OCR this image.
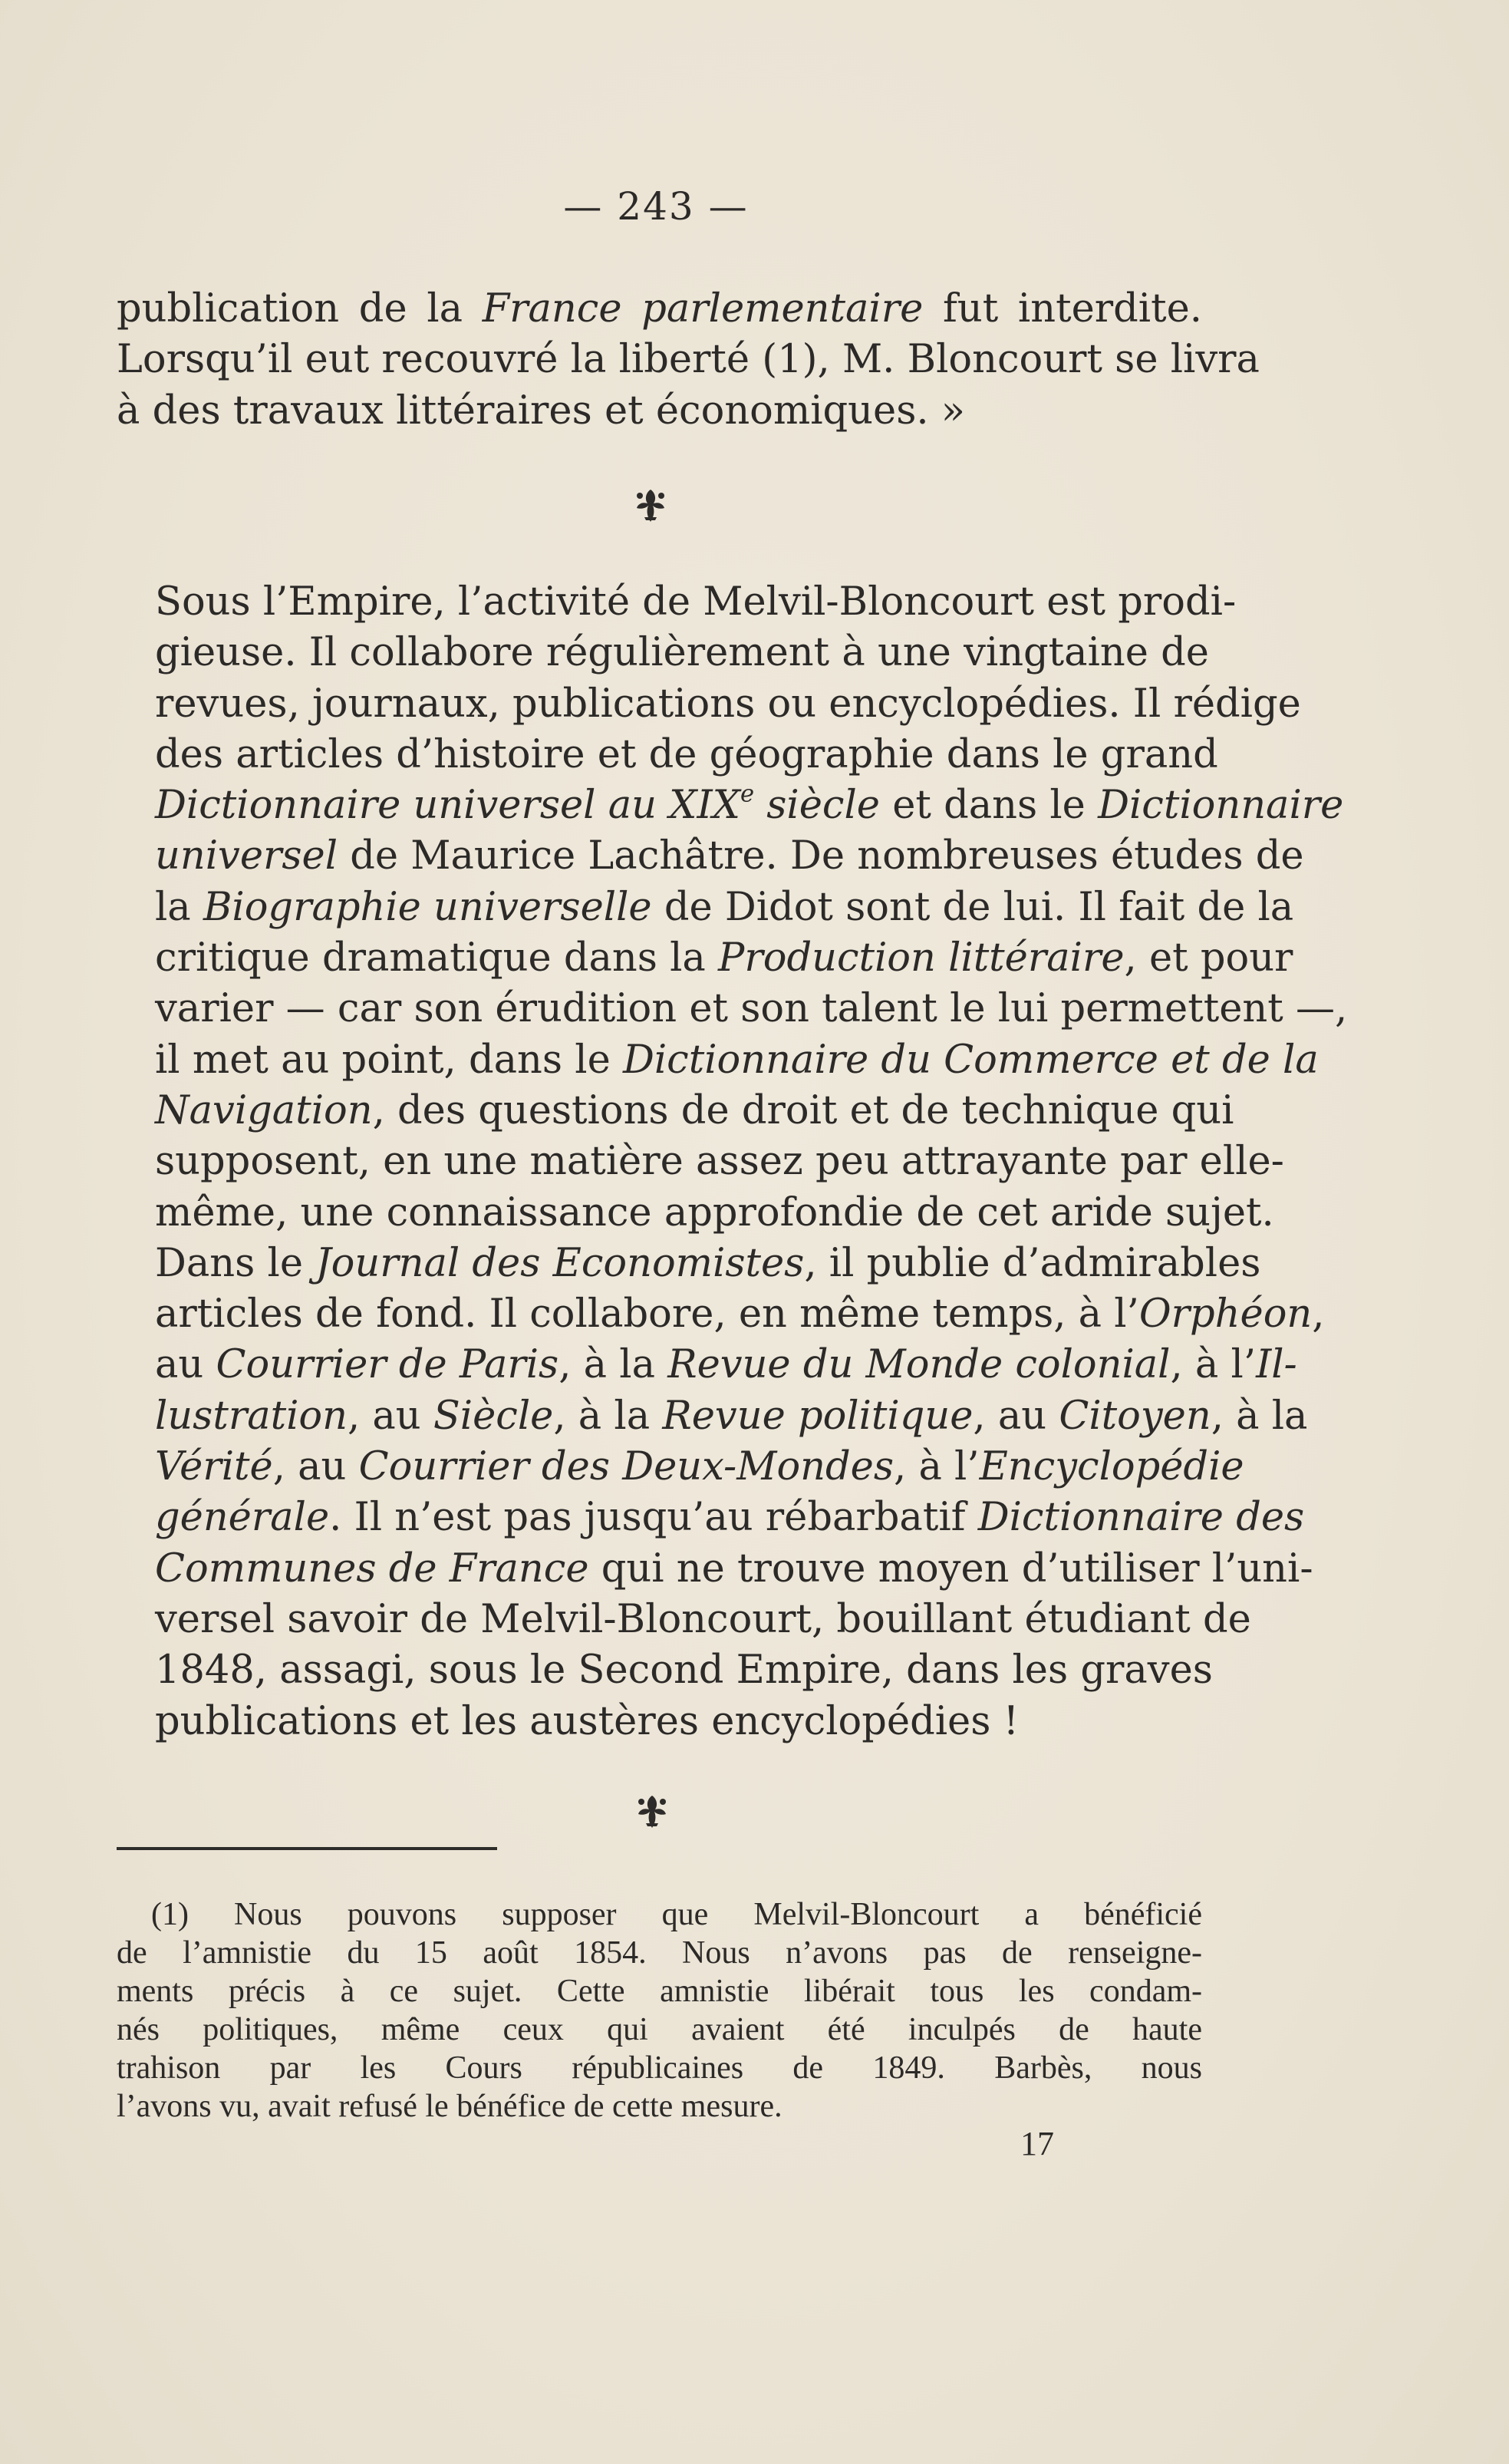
— 243 —
publication de la France parlementaire fut interdite.
Lorsqu’il eut recouvré la liberté (1), M. Bloncourt se livra
à des travaux littéraires et économiques. »
Sous l’Empire, l’activité de Melvil-Bloncourt est prodi-
gieuse. Il collabore régulièrement à une vingtaine de
revues, journaux, publications ou encyclopédies. Il rédige
des articles d’histoire et de géographie dans le grand
Dictionnaire universel au XIXe siècle et dans le Dictionnaire
universel de Maurice Lachâtre. De nombreuses études de
la Biographie universelle de Didot sont de lui. Il fait de la
critique dramatique dans la Production littéraire, et pour
varier — car son érudition et son talent le lui permettent —,
il met au point, dans le Dictionnaire du Commerce et de la
Navigation, des questions de droit et de technique qui
supposent, en une matière assez peu attrayante par elle-
même, une connaissance approfondie de cet aride sujet.
Dans le Journal des Economistes, il publie d’admirables
articles de fond. Il collabore, en même temps, à l’Orphéon,
au Courrier de Paris, à la Revue du Monde colonial, à l’Il-
lustration, au Siècle, à la Revue politique, au Citoyen, à la
Vérité, au Courrier des Deux-Mondes, à l’Encyclopédie
générale. Il n’est pas jusqu’au rébarbatif Dictionnaire des
Communes de France qui ne trouve moyen d’utiliser l’uni-
versel savoir de Melvil-Bloncourt, bouillant étudiant de
1848, assagi, sous le Second Empire, dans les graves
publications et les austères encyclopédies !
(1) Nous pouvons supposer que Melvil-Bloncourt a bénéficié
de l’amnistie du 15 août 1854. Nous n’avons pas de renseigne-
ments précis à ce sujet. Cette amnistie libérait tous les condam-
nés politiques, même ceux qui avaient été inculpés de haute
trahison par les Cours républicaines de 1849. Barbès, nous
l’avons vu, avait refusé le bénéfice de cette mesure.
17
